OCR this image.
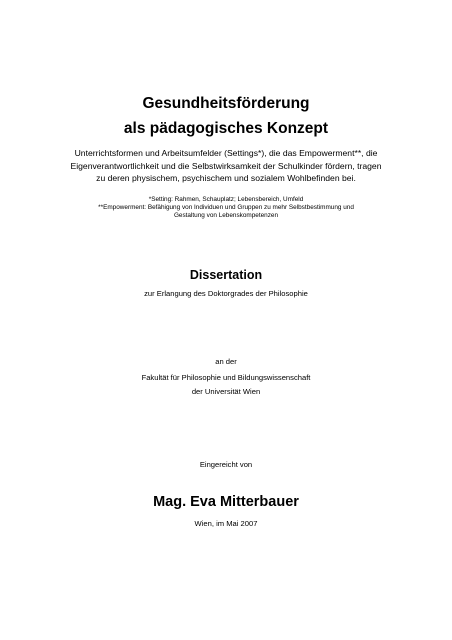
Gesundheitsförderung
als pädagogisches Konzept
Unterrichtsformen und Arbeitsumfelder (Settings*), die das Empowerment**, die
Eigenverantwortlichkeit und die Selbstwirksamkeit der Schulkinder fördern, tragen
zu deren physischem, psychischem und sozialem Wohlbefinden bei.
*Setting: Rahmen, Schauplatz; Lebensbereich, Umfeld
**Empowerment: Befähigung von Individuen und Gruppen zu mehr Selbstbestimmung und
Gestaltung von Lebenskompetenzen
Dissertation
zur Erlangung des Doktorgrades der Philosophie
an der
Fakultät für Philosophie und Bildungswissenschaft
der Universität Wien
Eingereicht von
Mag. Eva Mitterbauer
Wien, im Mai 2007
